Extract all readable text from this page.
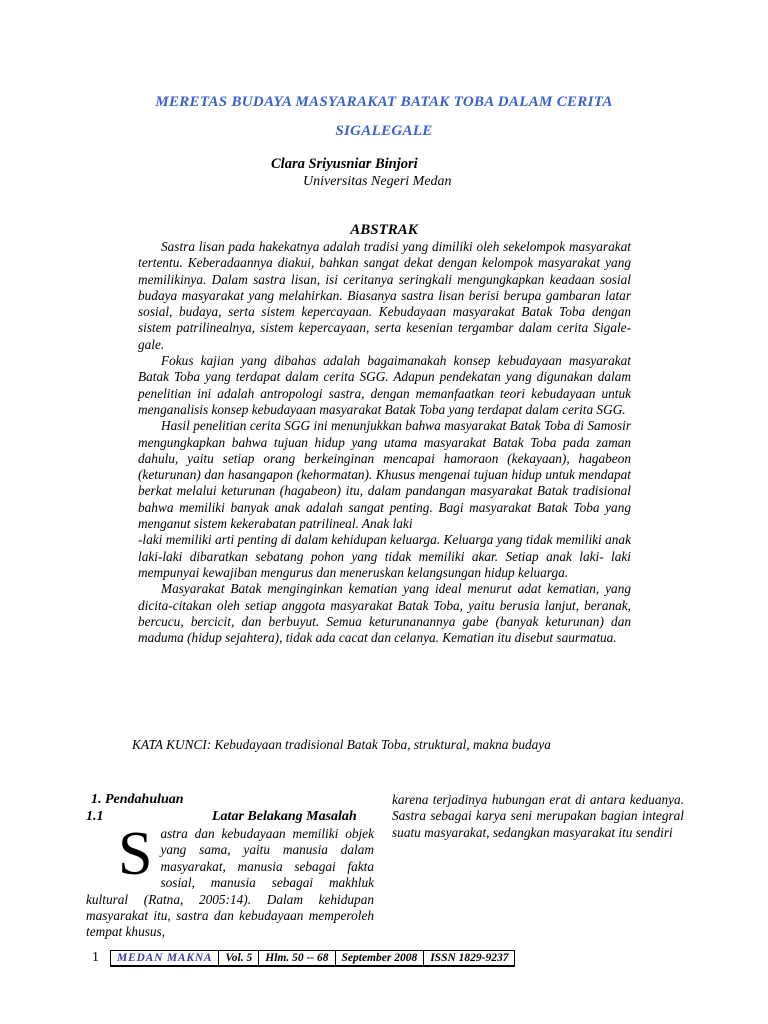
MERETAS BUDAYA MASYARAKAT BATAK TOBA DALAM CERITA
SIGALEGALE
Clara Sriyusniar Binjori
Universitas Negeri Medan
ABSTRAK

Sastra lisan pada hakekatnya adalah tradisi yang dimiliki oleh sekelompok masyarakat tertentu. Keberadaannya diakui, bahkan sangat dekat dengan kelompok masyarakat yang memilikinya. Dalam sastra lisan, isi ceritanya seringkali mengungkapkan keadaan sosial budaya masyarakat yang melahirkan. Biasanya sastra lisan berisi berupa gambaran latar sosial, budaya, serta sistem kepercayaan. Kebudayaan masyarakat Batak Toba dengan sistem patrilinealnya, sistem kepercayaan, serta kesenian tergambar dalam cerita Sigale-gale.

Fokus kajian yang dibahas adalah bagaimanakah konsep kebudayaan masyarakat Batak Toba yang terdapat dalam cerita SGG. Adapun pendekatan yang digunakan dalam penelitian ini adalah antropologi sastra, dengan memanfaatkan teori kebudayaan untuk menganalisis konsep kebudayaan masyarakat Batak Toba yang terdapat dalam cerita SGG.

Hasil penelitian cerita SGG ini menunjukkan bahwa masyarakat Batak Toba di Samosir mengungkapkan bahwa tujuan hidup yang utama masyarakat Batak Toba pada zaman dahulu, yaitu setiap orang berkeinginan mencapai hamoraon (kekayaan), hagabeon (keturunan) dan hasangapon (kehormatan). Khusus mengenai tujuan hidup untuk mendapat berkat melalui keturunan (hagabeon) itu, dalam pandangan masyarakat Batak tradisional bahwa memiliki banyak anak adalah sangat penting. Bagi masyarakat Batak Toba yang menganut sistem kekerabatan patrilineal. Anak laki

-laki memiliki arti penting di dalam kehidupan keluarga. Keluarga yang tidak memiliki anak laki-laki dibaratkan sebatang pohon yang tidak memiliki akar. Setiap anak laki- laki mempunyai kewajiban mengurus dan meneruskan kelangsungan hidup keluarga.

Masyarakat Batak menginginkan kematian yang ideal menurut adat kematian, yang dicita-citakan oleh setiap anggota masyarakat Batak Toba, yaitu berusia lanjut, beranak, bercucu, bercicit, dan berbuyut. Semua keturunanannya gabe (banyak keturunan) dan maduma (hidup sejahtera), tidak ada cacat dan celanya. Kematian itu disebut saurmatua.

KATA KUNCI: Kebudayaan tradisional Batak Toba, struktural, makna budaya
1. Pendahuluan
1.1	Latar Belakang Masalah
S astra dan kebudayaan memiliki objek yang sama, yaitu manusia dalam masyarakat, manusia sebagai fakta sosial, manusia sebagai makhluk kultural (Ratna, 2005:14). Dalam kehidupan masyarakat itu, sastra dan kebudayaan memperoleh tempat khusus,
karena terjadinya hubungan erat di antara keduanya. Sastra sebagai karya seni merupakan bagian integral suatu masyarakat, sedangkan masyarakat itu sendiri
1 MEDAN MAKNA	Vol. 5	Hlm. 50 -- 68	September 2008	ISSN 1829-9237
